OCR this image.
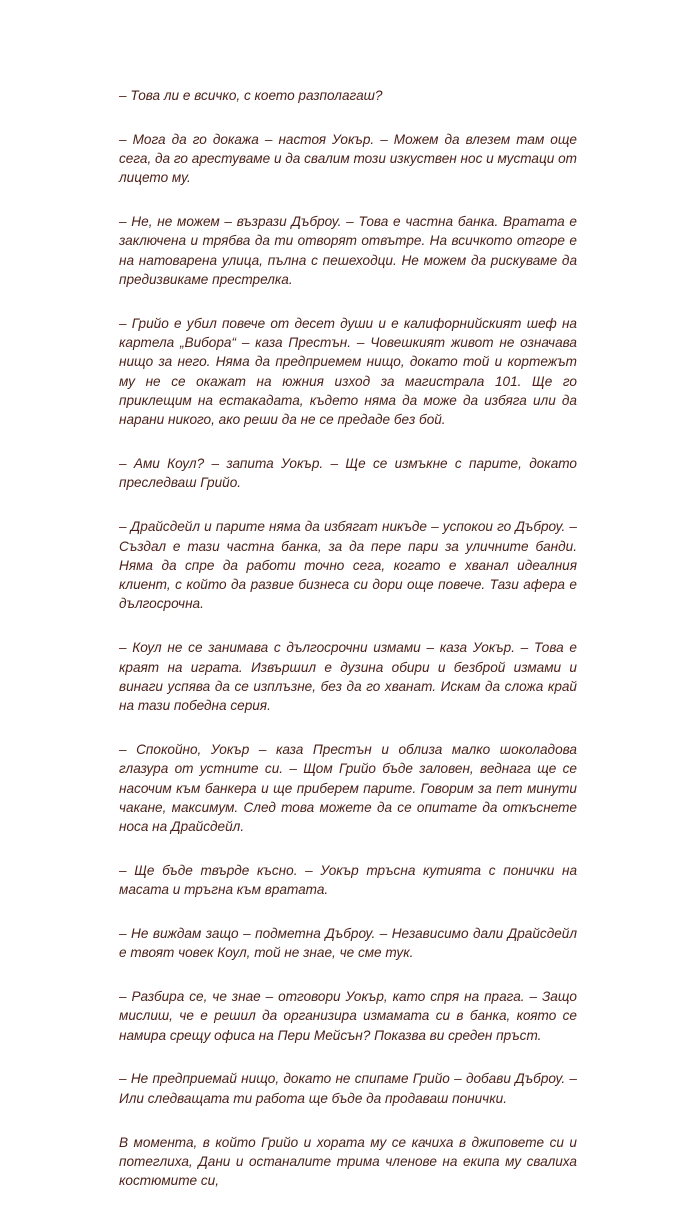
– Това ли е всичко, с което разполагаш?

– Мога да го докажа – настоя Уокър. – Можем да влезем там още сега, да го арестуваме и да свалим този изкуствен нос и мустаци от лицето му.

– Не, не можем – възрази Дъброу. – Това е частна банка. Вратата е заключена и трябва да ти отворят отвътре. На всичкото отгоре е на натоварена улица, пълна с пешеходци. Не можем да рискуваме да предизвикаме престрелка.

– Грийо е убил повече от десет души и е калифорнийският шеф на картела „Вибора“ – каза Престън. – Човешкият живот не означава нищо за него. Няма да предприемем нищо, докато той и кортежът му не се окажат на южния изход за магистрала 101. Ще го приклещим на естакадата, където няма да може да избяга или да нарани никого, ако реши да не се предаде без бой.

– Ами Коул? – запита Уокър. – Ще се измъкне с парите, докато преследваш Грийо.

– Драйсдейл и парите няма да избягат никъде – успокои го Дъброу. – Създал е тази частна банка, за да пере пари за уличните банди. Няма да спре да работи точно сега, когато е хванал идеалния клиент, с който да развие бизнеса си дори още повече. Тази афера е дългосрочна.

– Коул не се занимава с дългосрочни измами – каза Уокър. – Това е краят на играта. Извършил е дузина обири и безброй измами и винаги успява да се изплъзне, без да го хванат. Искам да сложа край на тази победна серия.

– Спокойно, Уокър – каза Престън и облиза малко шоколадова глазура от устните си. – Щом Грийо бъде заловен, веднага ще се насочим към банкера и ще приберем парите. Говорим за пет минути чакане, максимум. След това можете да се опитате да откъснете носа на Драйсдейл.

– Ще бъде твърде късно. – Уокър тръсна кутията с понички на масата и тръгна към вратата.

– Не виждам защо – подметна Дъброу. – Независимо дали Драйсдейл е твоят човек Коул, той не знае, че сме тук.

– Разбира се, че знае – отговори Уокър, като спря на прага. – Защо мислиш, че е решил да организира измамата си в банка, която се намира срещу офиса на Пери Мейсън? Показва ви среден пръст.

– Не предприемай нищо, докато не спипаме Грийо – добави Дъброу. – Или следващата ти работа ще бъде да продаваш понички.

В момента, в който Грийо и хората му се качиха в джиповете си и потеглиха, Дани и останалите трима членове на екипа му свалиха костюмите си,
